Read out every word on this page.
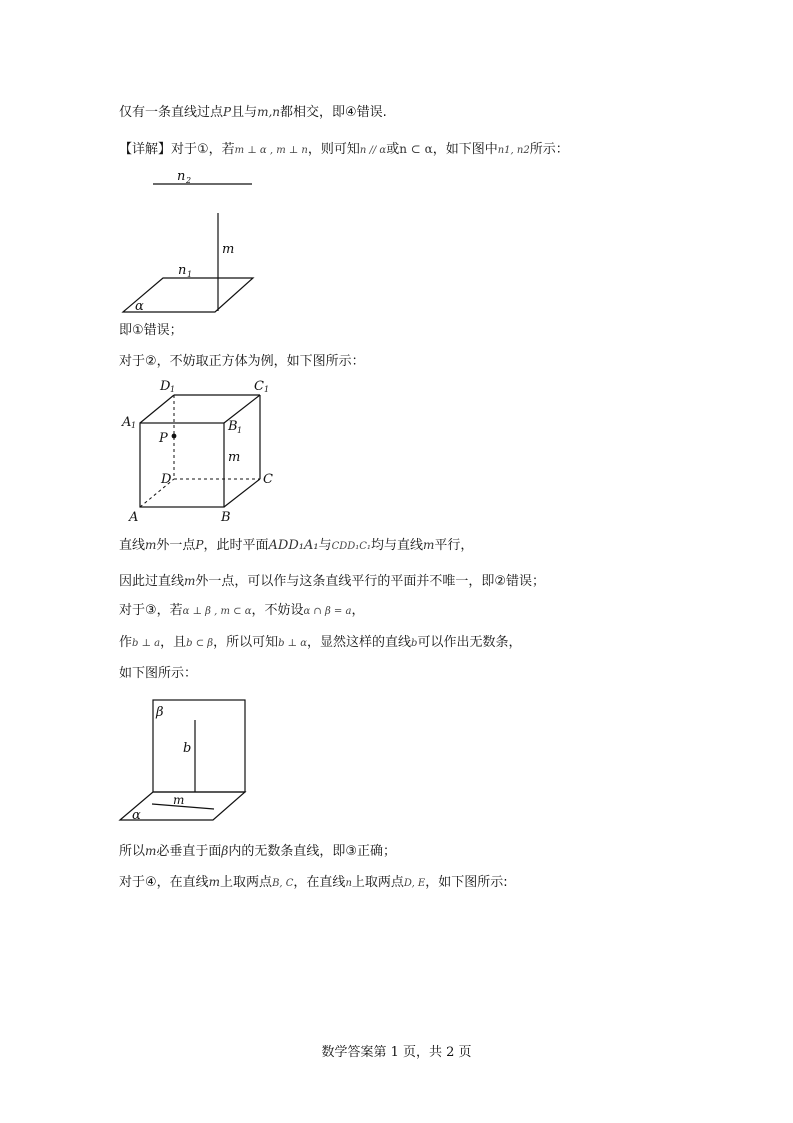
仅有一条直线过点P且与m,n都相交，即④错误.
【详解】对于①，若m ⊥ α , m ⊥ n，则可知n // α或n ⊂ α，如下图中n1, n2所示：
n 2
m
n 1
α
即①错误；
对于②，不妨取正方体为例，如下图所示：
D 1	C 1
A 1	B 1
P
m
D	C
A	B
直线m外一点P，此时平面ADD₁A₁与CDD₁C₁均与直线m平行，
因此过直线m外一点，可以作与这条直线平行的平面并不唯一，即②错误；
对于③，若α ⊥ β , m ⊂ α，不妨设α ∩ β = a，
作b ⊥ a，且b ⊂ β，所以可知b ⊥ α，显然这样的直线b可以作出无数条，
如下图所示：
β
b
m
α
所以m必垂直于面β内的无数条直线，即③正确；
对于④，在直线m上取两点B, C，在直线n上取两点D, E，如下图所示:
数学答案第 1 页，共 2 页
